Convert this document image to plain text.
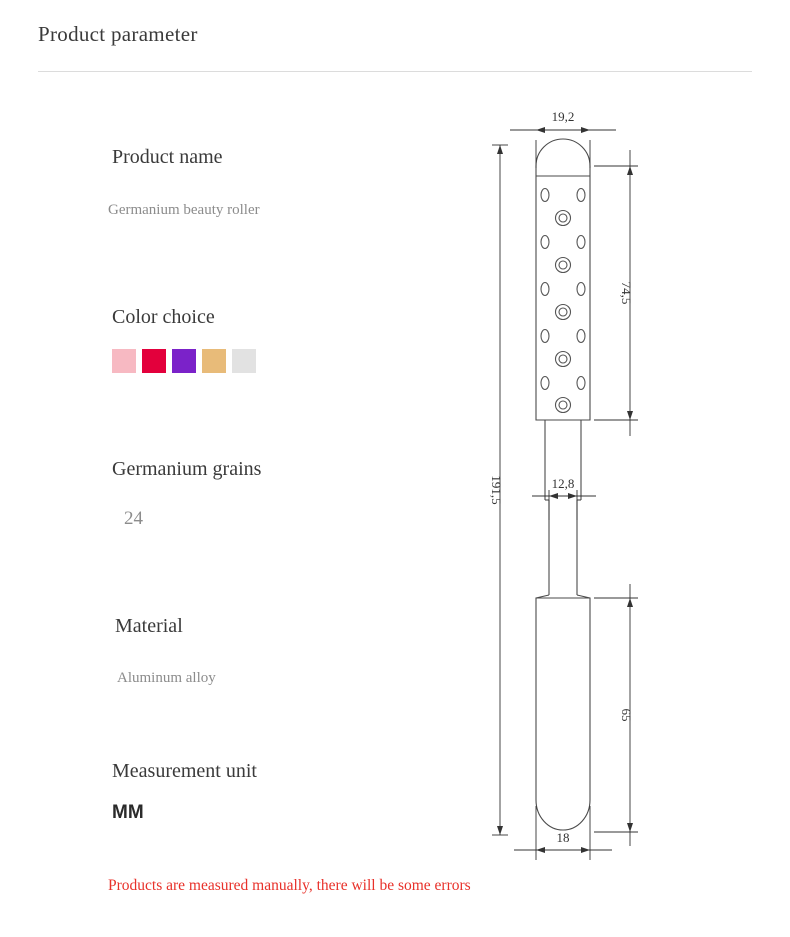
Product parameter
Product name
Germanium beauty roller
Color choice
Germanium grains
24
Material
Aluminum alloy
Measurement unit
MM
Products are measured manually, there will be some errors
19,2
74,5
12,8
191,5
65
18
